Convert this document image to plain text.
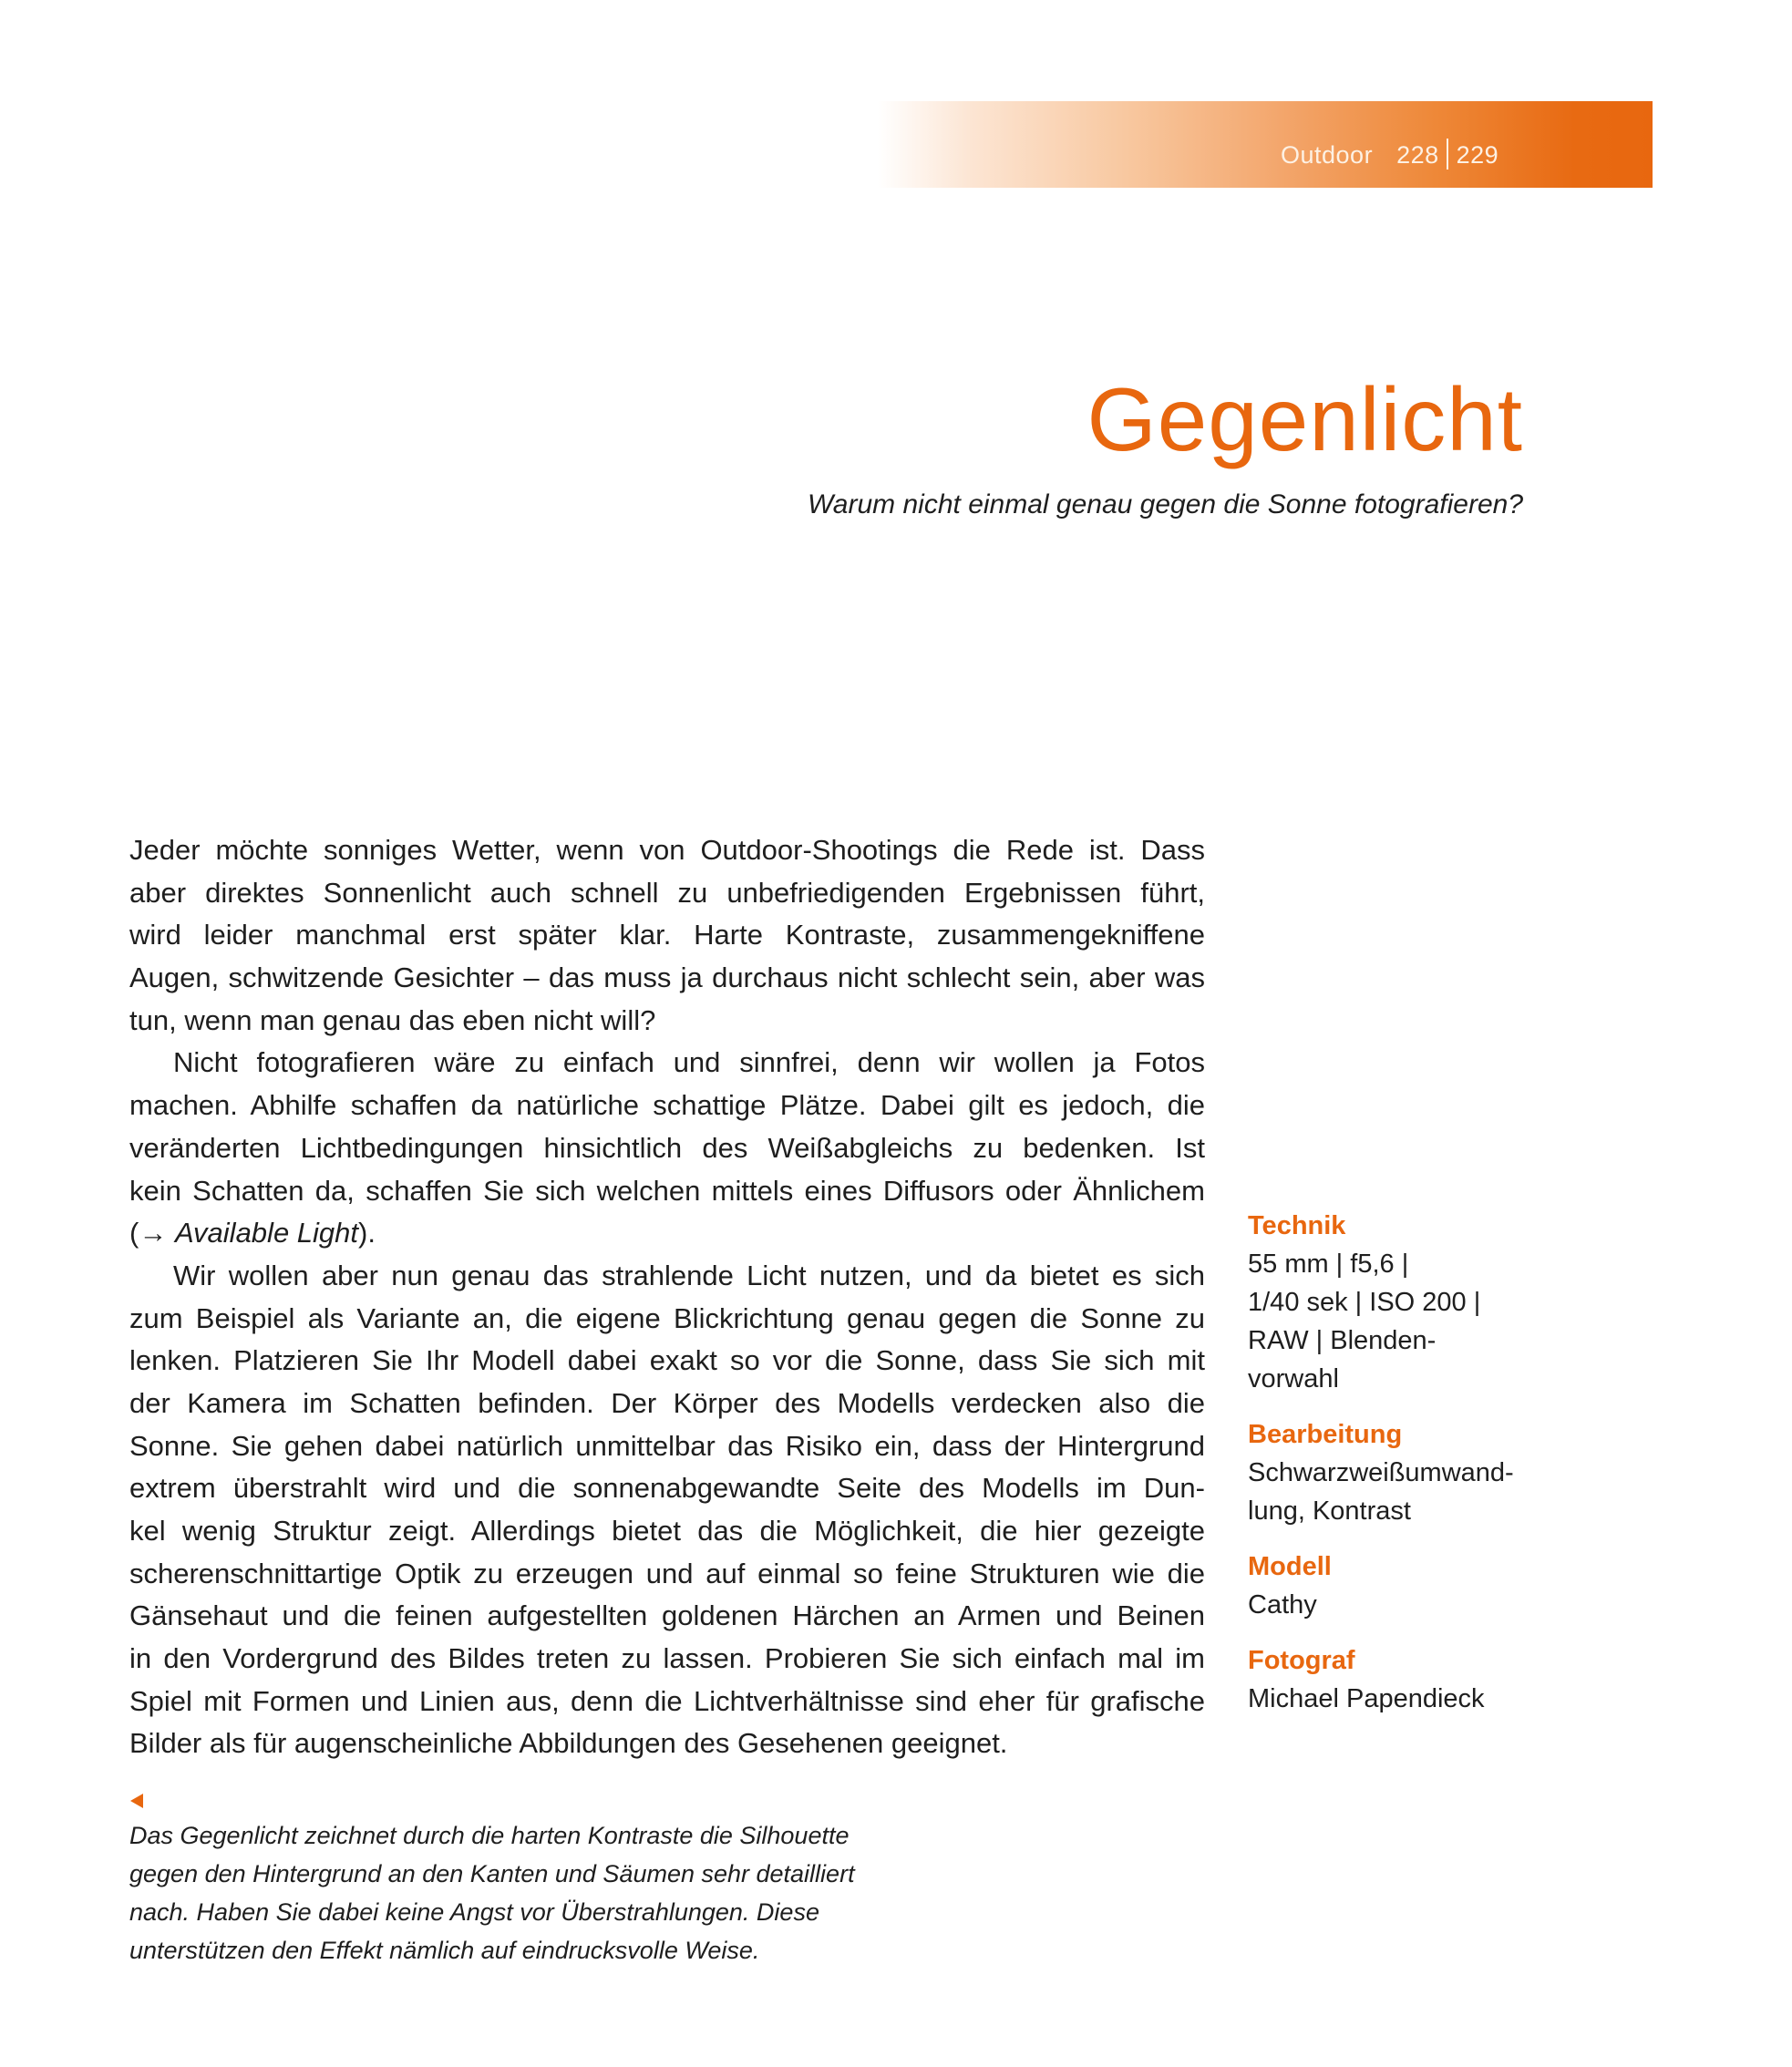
Outdoor 228 229
Gegenlicht
Warum nicht einmal genau gegen die Sonne fotografieren?
Jeder möchte sonniges Wetter, wenn von Outdoor-Shootings die Rede ist. Dass
aber direktes Sonnenlicht auch schnell zu unbefriedigenden Ergebnissen führt,
wird leider manchmal erst später klar. Harte Kontraste, zusammengekniffene
Augen, schwitzende Gesichter – das muss ja durchaus nicht schlecht sein, aber was
tun, wenn man genau das eben nicht will?
Nicht fotografieren wäre zu einfach und sinnfrei, denn wir wollen ja Fotos
machen. Abhilfe schaffen da natürliche schattige Plätze. Dabei gilt es jedoch, die
veränderten Lichtbedingungen hinsichtlich des Weißabgleichs zu bedenken. Ist
kein Schatten da, schaffen Sie sich welchen mittels eines Diffusors oder Ähnlichem
(→ Available Light).
Wir wollen aber nun genau das strahlende Licht nutzen, und da bietet es sich
zum Beispiel als Variante an, die eigene Blickrichtung genau gegen die Sonne zu
lenken. Platzieren Sie Ihr Modell dabei exakt so vor die Sonne, dass Sie sich mit
der Kamera im Schatten befinden. Der Körper des Modells verdecken also die
Sonne. Sie gehen dabei natürlich unmittelbar das Risiko ein, dass der Hintergrund
extrem überstrahlt wird und die sonnenabgewandte Seite des Modells im Dun-
kel wenig Struktur zeigt. Allerdings bietet das die Möglichkeit, die hier gezeigte
scherenschnittartige Optik zu erzeugen und auf einmal so feine Strukturen wie die
Gänsehaut und die feinen aufgestellten goldenen Härchen an Armen und Beinen
in den Vordergrund des Bildes treten zu lassen. Probieren Sie sich einfach mal im
Spiel mit Formen und Linien aus, denn die Lichtverhältnisse sind eher für grafische
Bilder als für augenscheinliche Abbildungen des Gesehenen geeignet.
Technik
55 mm | f5,6 |
1/40 sek | ISO 200 |
RAW | Blenden-
vorwahl
Bearbeitung
Schwarzweißumwand-
lung, Kontrast
Modell
Cathy
Fotograf
Michael Papendieck
Das Gegenlicht zeichnet durch die harten Kontraste die Silhouette
gegen den Hintergrund an den Kanten und Säumen sehr detailliert
nach. Haben Sie dabei keine Angst vor Überstrahlungen. Diese
unterstützen den Effekt nämlich auf eindrucksvolle Weise.
